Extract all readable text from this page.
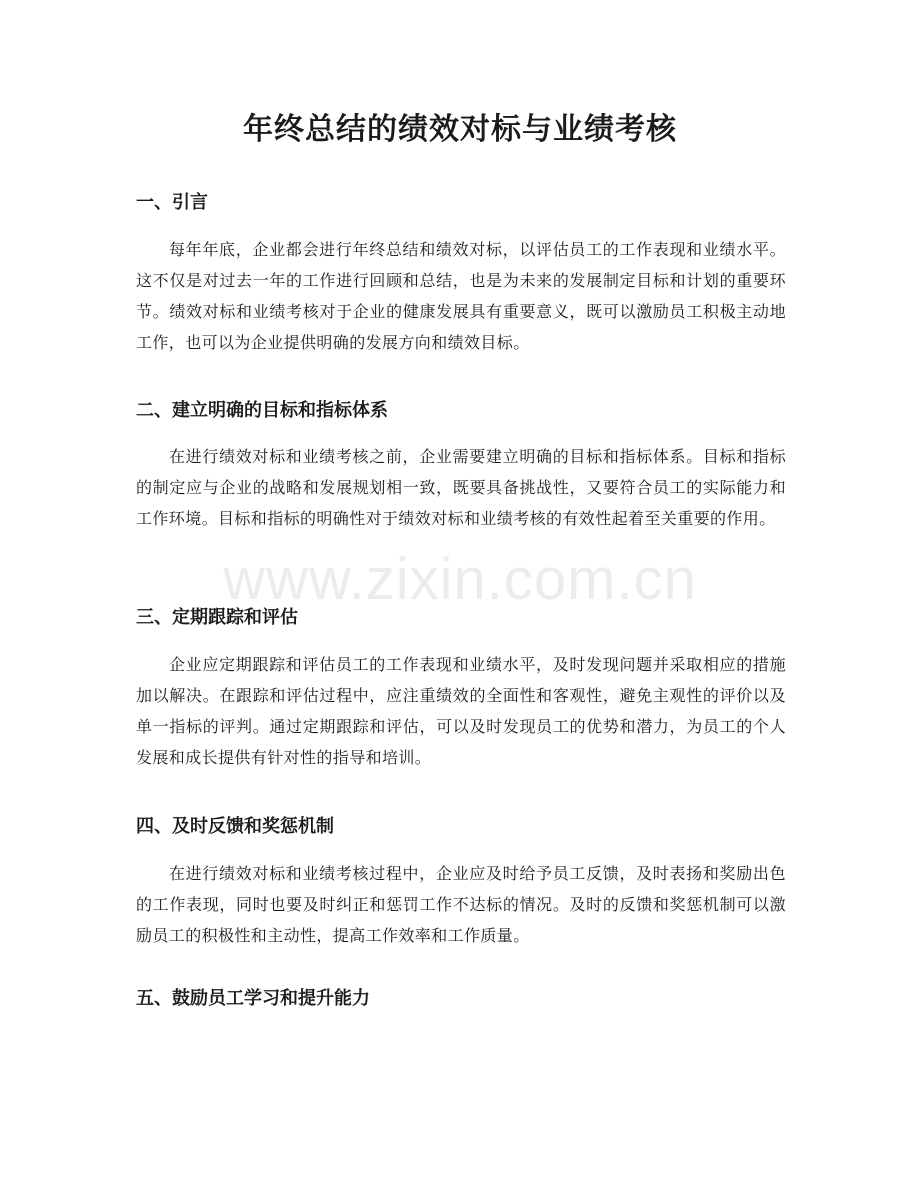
年终总结的绩效对标与业绩考核
一、引言

每年年底，企业都会进行年终总结和绩效对标，以评估员工的工作表现和业绩水平。这不仅是对过去一年的工作进行回顾和总结，也是为未来的发展制定目标和计划的重要环节。绩效对标和业绩考核对于企业的健康发展具有重要意义，既可以激励员工积极主动地工作，也可以为企业提供明确的发展方向和绩效目标。

二、建立明确的目标和指标体系

在进行绩效对标和业绩考核之前，企业需要建立明确的目标和指标体系。目标和指标的制定应与企业的战略和发展规划相一致，既要具备挑战性，又要符合员工的实际能力和工作环境。目标和指标的明确性对于绩效对标和业绩考核的有效性起着至关重要的作用。

三、定期跟踪和评估

企业应定期跟踪和评估员工的工作表现和业绩水平，及时发现问题并采取相应的措施加以解决。在跟踪和评估过程中，应注重绩效的全面性和客观性，避免主观性的评价以及单一指标的评判。通过定期跟踪和评估，可以及时发现员工的优势和潜力，为员工的个人发展和成长提供有针对性的指导和培训。

四、及时反馈和奖惩机制

在进行绩效对标和业绩考核过程中，企业应及时给予员工反馈，及时表扬和奖励出色的工作表现，同时也要及时纠正和惩罚工作不达标的情况。及时的反馈和奖惩机制可以激励员工的积极性和主动性，提高工作效率和工作质量。

五、鼓励员工学习和提升能力
www.zixin.com.cn
